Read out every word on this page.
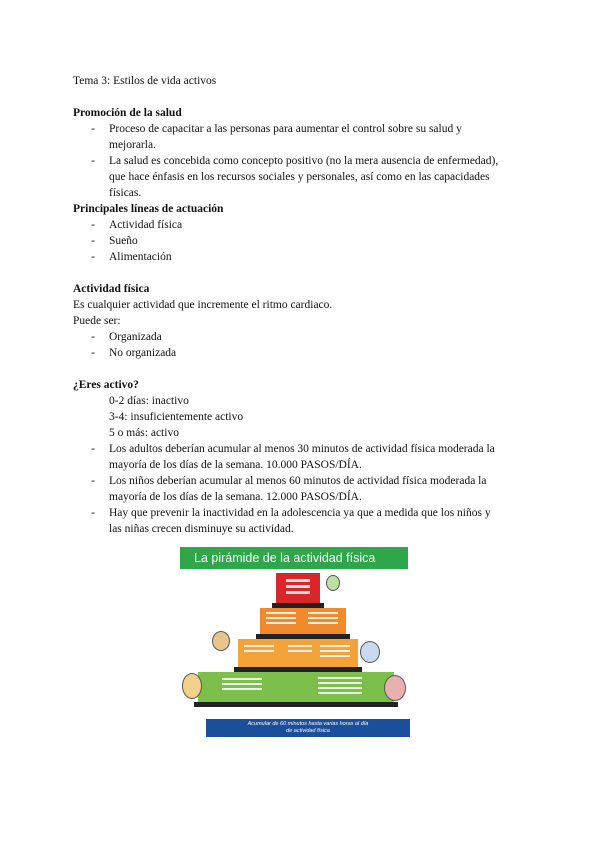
Tema 3: Estilos de vida activos
Promoción de la salud
- Proceso de capacitar a las personas para aumentar el control sobre su salud y
mejorarla.
- La salud es concebida como concepto positivo (no la mera ausencia de enfermedad),
que hace énfasis en los recursos sociales y personales, así como en las capacidades
físicas.
Principales líneas de actuación
- Actividad física
- Sueño
- Alimentación
Actividad física
Es cualquier actividad que incremente el ritmo cardiaco.
Puede ser:
- Organizada
- No organizada
¿Eres activo?
0-2 días: inactivo
3-4: insuficientemente activo
5 o más: activo
- Los adultos deberían acumular al menos 30 minutos de actividad física moderada la
mayoría de los días de la semana. 10.000 PASOS/DÍA.
- Los niños deberían acumular al menos 60 minutos de actividad física moderada la
mayoría de los días de la semana. 12.000 PASOS/DÍA.
- Hay que prevenir la inactividad en la adolescencia ya que a medida que los niños y
las niñas crecen disminuye su actividad.
La pirámide de la actividad física
Acumular de 60 minutos hasta varias horas al día
de actividad física
